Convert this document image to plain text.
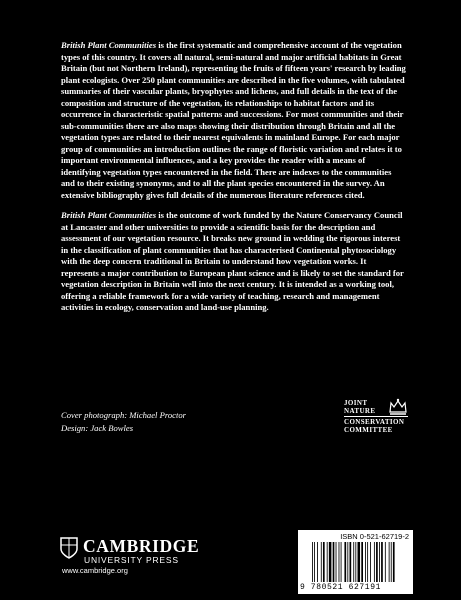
British Plant Communities is the first systematic and comprehensive account of the vegetation types of this country. It covers all natural, semi-natural and major artificial habitats in Great Britain (but not Northern Ireland), representing the fruits of fifteen years' research by leading plant ecologists. Over 250 plant communities are described in the five volumes, with tabulated summaries of their vascular plants, bryophytes and lichens, and full details in the text of the composition and structure of the vegetation, its relationships to habitat factors and its occurrence in characteristic spatial patterns and successions. For most communities and their sub-communities there are also maps showing their distribution through Britain and all the vegetation types are related to their nearest equivalents in mainland Europe. For each major group of communities an introduction outlines the range of floristic variation and relates it to important environmental influences, and a key provides the reader with a means of identifying vegetation types encountered in the field. There are indexes to the communities and to their existing synonyms, and to all the plant species encountered in the survey. An extensive bibliography gives full details of the numerous literature references cited.

British Plant Communities is the outcome of work funded by the Nature Conservancy Council at Lancaster and other universities to provide a scientific basis for the description and assessment of our vegetation resource. It breaks new ground in wedding the rigorous interest in the classification of plant communities that has characterised Continental phytosociology with the deep concern traditional in Britain to understand how vegetation works. It represents a major contribution to European plant science and is likely to set the standard for vegetation description in Britain well into the next century. It is intended as a working tool, offering a reliable framework for a wide variety of teaching, research and management activities in ecology, conservation and land-use planning.

Cover photograph: Michael Proctor
Design: Jack Bowles
JOINT
NATURE
CONSERVATION
COMMITTEE
CAMBRIDGE
UNIVERSITY PRESS
www.cambridge.org
ISBN 0-521-62719-2
9 780521 627191
